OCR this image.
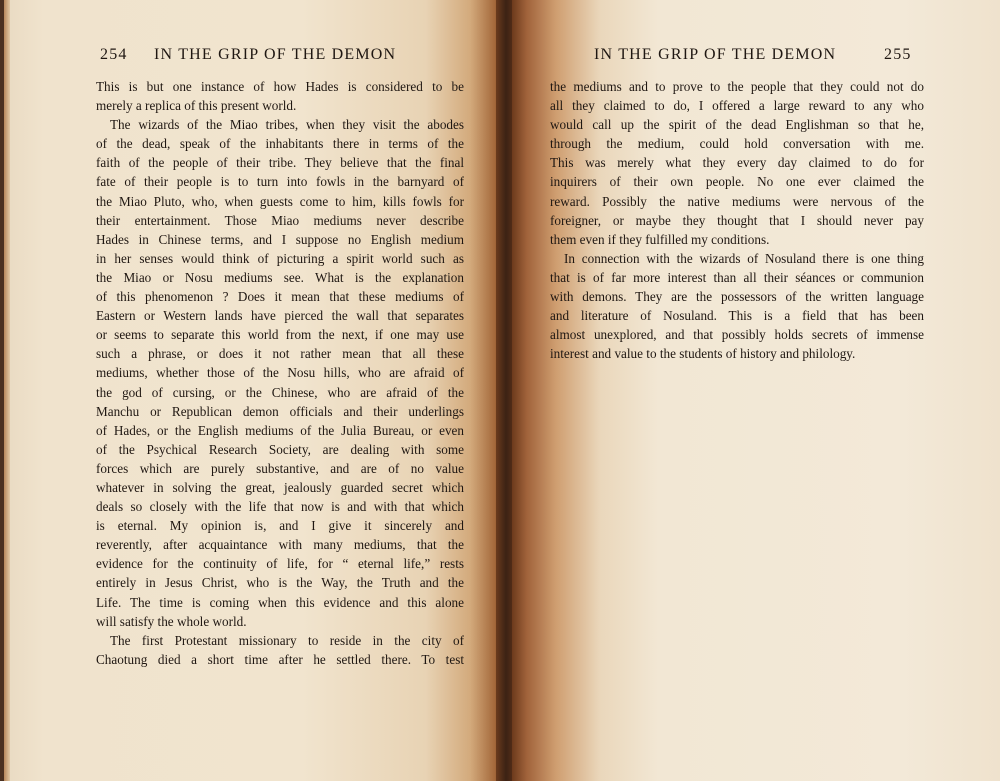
254 IN THE GRIP OF THE DEMON
This is but one instance of how Hades is considered to be
merely a replica of this present world.
The wizards of the Miao tribes, when they visit the abodes
of the dead, speak of the inhabitants there in terms of the
faith of the people of their tribe. They believe that the final
fate of their people is to turn into fowls in the barnyard of
the Miao Pluto, who, when guests come to him, kills fowls for
their entertainment. Those Miao mediums never describe
Hades in Chinese terms, and I suppose no English medium
in her senses would think of picturing a spirit world such as
the Miao or Nosu mediums see. What is the explanation
of this phenomenon ? Does it mean that these mediums of
Eastern or Western lands have pierced the wall that separates
or seems to separate this world from the next, if one may use
such a phrase, or does it not rather mean that all these
mediums, whether those of the Nosu hills, who are afraid of
the god of cursing, or the Chinese, who are afraid of the
Manchu or Republican demon officials and their underlings
of Hades, or the English mediums of the Julia Bureau, or even
of the Psychical Research Society, are dealing with some
forces which are purely substantive, and are of no value
whatever in solving the great, jealously guarded secret which
deals so closely with the life that now is and with that which
is eternal. My opinion is, and I give it sincerely and
reverently, after acquaintance with many mediums, that the
evidence for the continuity of life, for “ eternal life,” rests
entirely in Jesus Christ, who is the Way, the Truth and the
Life. The time is coming when this evidence and this alone
will satisfy the whole world.
The first Protestant missionary to reside in the city of
Chaotung died a short time after he settled there. To test
IN THE GRIP OF THE DEMON	255
the mediums and to prove to the people that they could not do
all they claimed to do, I offered a large reward to any who
would call up the spirit of the dead Englishman so that he,
through the medium, could hold conversation with me.
This was merely what they every day claimed to do for
inquirers of their own people. No one ever claimed the
reward. Possibly the native mediums were nervous of the
foreigner, or maybe they thought that I should never pay
them even if they fulfilled my conditions.
In connection with the wizards of Nosuland there is one thing
that is of far more interest than all their séances or communion
with demons. They are the possessors of the written language
and literature of Nosuland. This is a field that has been
almost unexplored, and that possibly holds secrets of immense
interest and value to the students of history and philology.
